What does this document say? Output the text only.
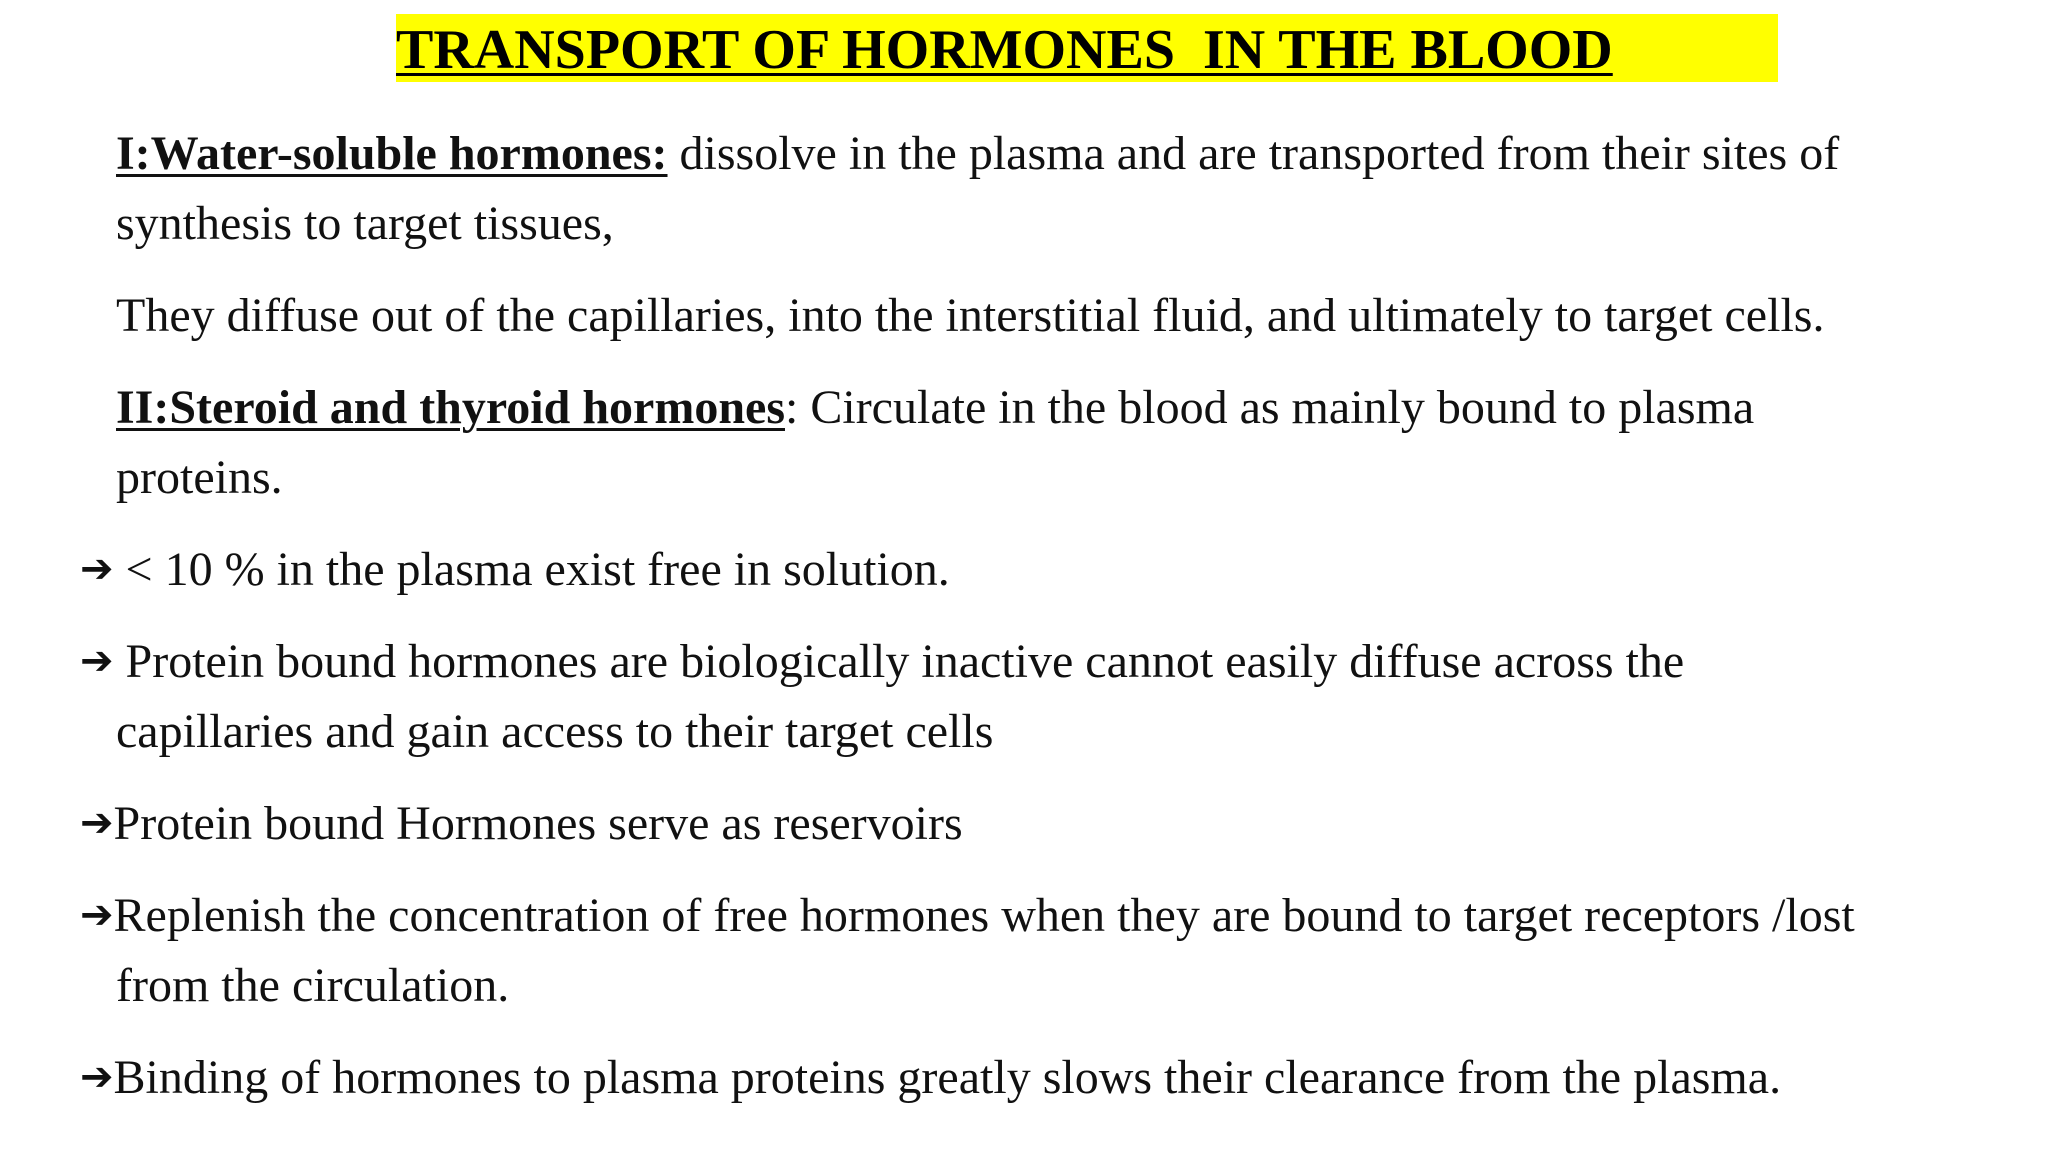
TRANSPORT OF HORMONES  IN THE BLOOD

I:Water-soluble hormones: dissolve in the plasma and are transported from their sites of

synthesis to target tissues,

They diffuse out of the capillaries, into the interstitial fluid, and ultimately to target cells.

II:Steroid and thyroid hormones: Circulate in the blood as mainly bound to plasma

proteins.

➔ < 10 % in the plasma exist free in solution.

➔ Protein bound hormones are biologically inactive cannot easily diffuse across the

capillaries and gain access to their target cells

➔Protein bound Hormones serve as reservoirs

➔Replenish the concentration of free hormones when they are bound to target receptors /lost

from the circulation.

➔Binding of hormones to plasma proteins greatly slows their clearance from the plasma.
